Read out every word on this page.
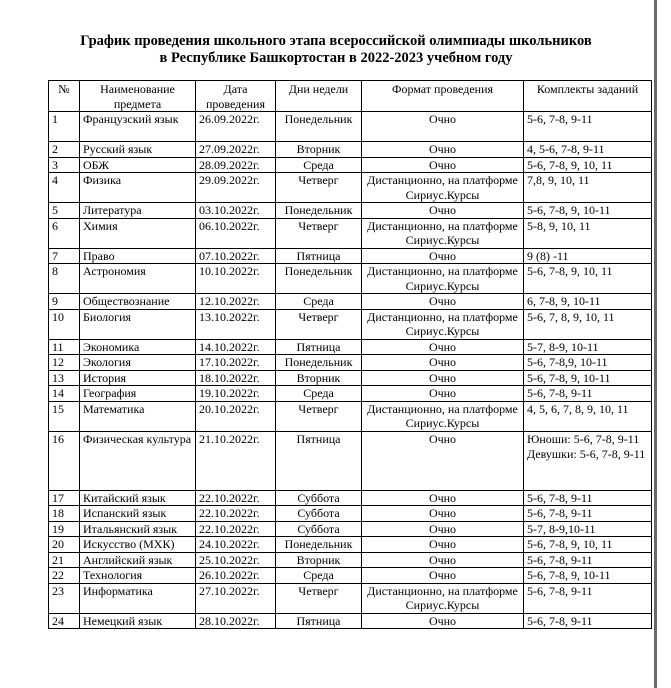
График проведения школьного этапа всероссийской олимпиады школьников
в Республике Башкортостан в 2022-2023 учебном году
№	Наименование предмета	Дата проведения	Дни недели	Формат проведения	Комплекты заданий

1	Французский язык	26.09.2022г.	Понедельник	Очно	5-6, 7-8, 9-11

2	Русский язык	27.09.2022г.	Вторник	Очно	4, 5-6, 7-8, 9-11

3	ОБЖ	28.09.2022г.	Среда	Очно	5-6, 7-8, 9, 10, 11

4	Физика	29.09.2022г.	Четверг	Дистанционно, на платформе Сириус.Курсы	7,8, 9, 10, 11

5	Литература	03.10.2022г.	Понедельник	Очно	5-6, 7-8, 9, 10-11

6	Химия	06.10.2022г.	Четверг	Дистанционно, на платформе Сириус.Курсы	5-8, 9, 10, 11

7	Право	07.10.2022г.	Пятница	Очно	9 (8) -11

8	Астрономия	10.10.2022г.	Понедельник	Дистанционно, на платформе Сириус.Курсы	5-6, 7-8, 9, 10, 11

9	Обществознание	12.10.2022г.	Среда	Очно	6, 7-8, 9, 10-11

10	Биология	13.10.2022г.	Четверг	Дистанционно, на платформе Сириус.Курсы	5-6, 7, 8, 9, 10, 11

11	Экономика	14.10.2022г.	Пятница	Очно	5-7, 8-9, 10-11

12	Экология	17.10.2022г.	Понедельник	Очно	5-6, 7-8,9, 10-11

13	История	18.10.2022г.	Вторник	Очно	5-6, 7-8, 9, 10-11

14	География	19.10.2022г.	Среда	Очно	5-6, 7-8, 9-11

15	Математика	20.10.2022г.	Четверг	Дистанционно, на платформе Сириус.Курсы	4, 5, 6, 7, 8, 9, 10, 11

16	Физическая культура	21.10.2022г.	Пятница	Очно	Юноши: 5-6, 7-8, 9-11
Девушки: 5-6, 7-8, 9-11

17	Китайский язык	22.10.2022г.	Суббота	Очно	5-6, 7-8, 9-11

18	Испанский язык	22.10.2022г.	Суббота	Очно	5-6, 7-8, 9-11

19	Итальянский язык	22.10.2022г.	Суббота	Очно	5-7, 8-9,10-11

20	Искусство (МХК)	24.10.2022г.	Понедельник	Очно	5-6, 7-8, 9, 10, 11

21	Английский язык	25.10.2022г.	Вторник	Очно	5-6, 7-8, 9-11

22	Технология	26.10.2022г.	Среда	Очно	5-6, 7-8, 9, 10-11

23	Информатика	27.10.2022г.	Четверг	Дистанционно, на платформе Сириус.Курсы	5-6, 7-8, 9-11

24	Немецкий язык	28.10.2022г.	Пятница	Очно	5-6, 7-8, 9-11
